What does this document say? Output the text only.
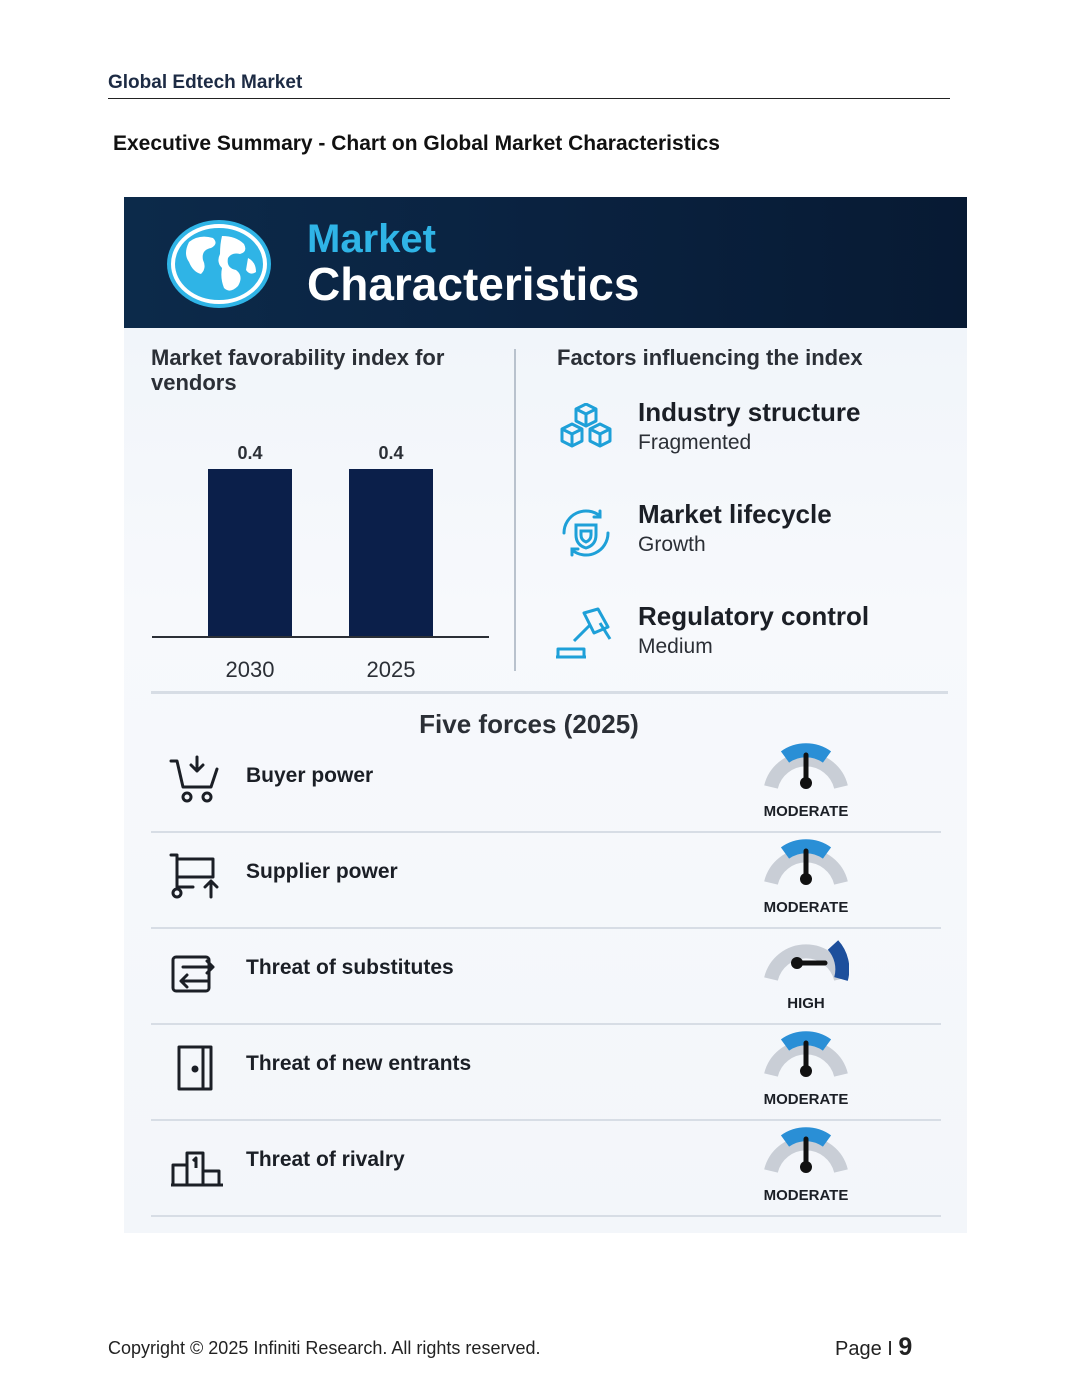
Global Edtech Market
Executive Summary - Chart on Global Market Characteristics
Market
Characteristics
Market favorability index for vendors
0.4
2030
0.4
2025
Factors influencing the index
Industry structure
Fragmented
Market lifecycle
Growth
Regulatory control
Medium
Five forces (2025)
Buyer power
MODERATE
Supplier power
MODERATE
Threat of substitutes
HIGH
Threat of new entrants
MODERATE
Threat of rivalry
MODERATE
Copyright © 2025 Infiniti Research. All rights reserved.	Page I 9
